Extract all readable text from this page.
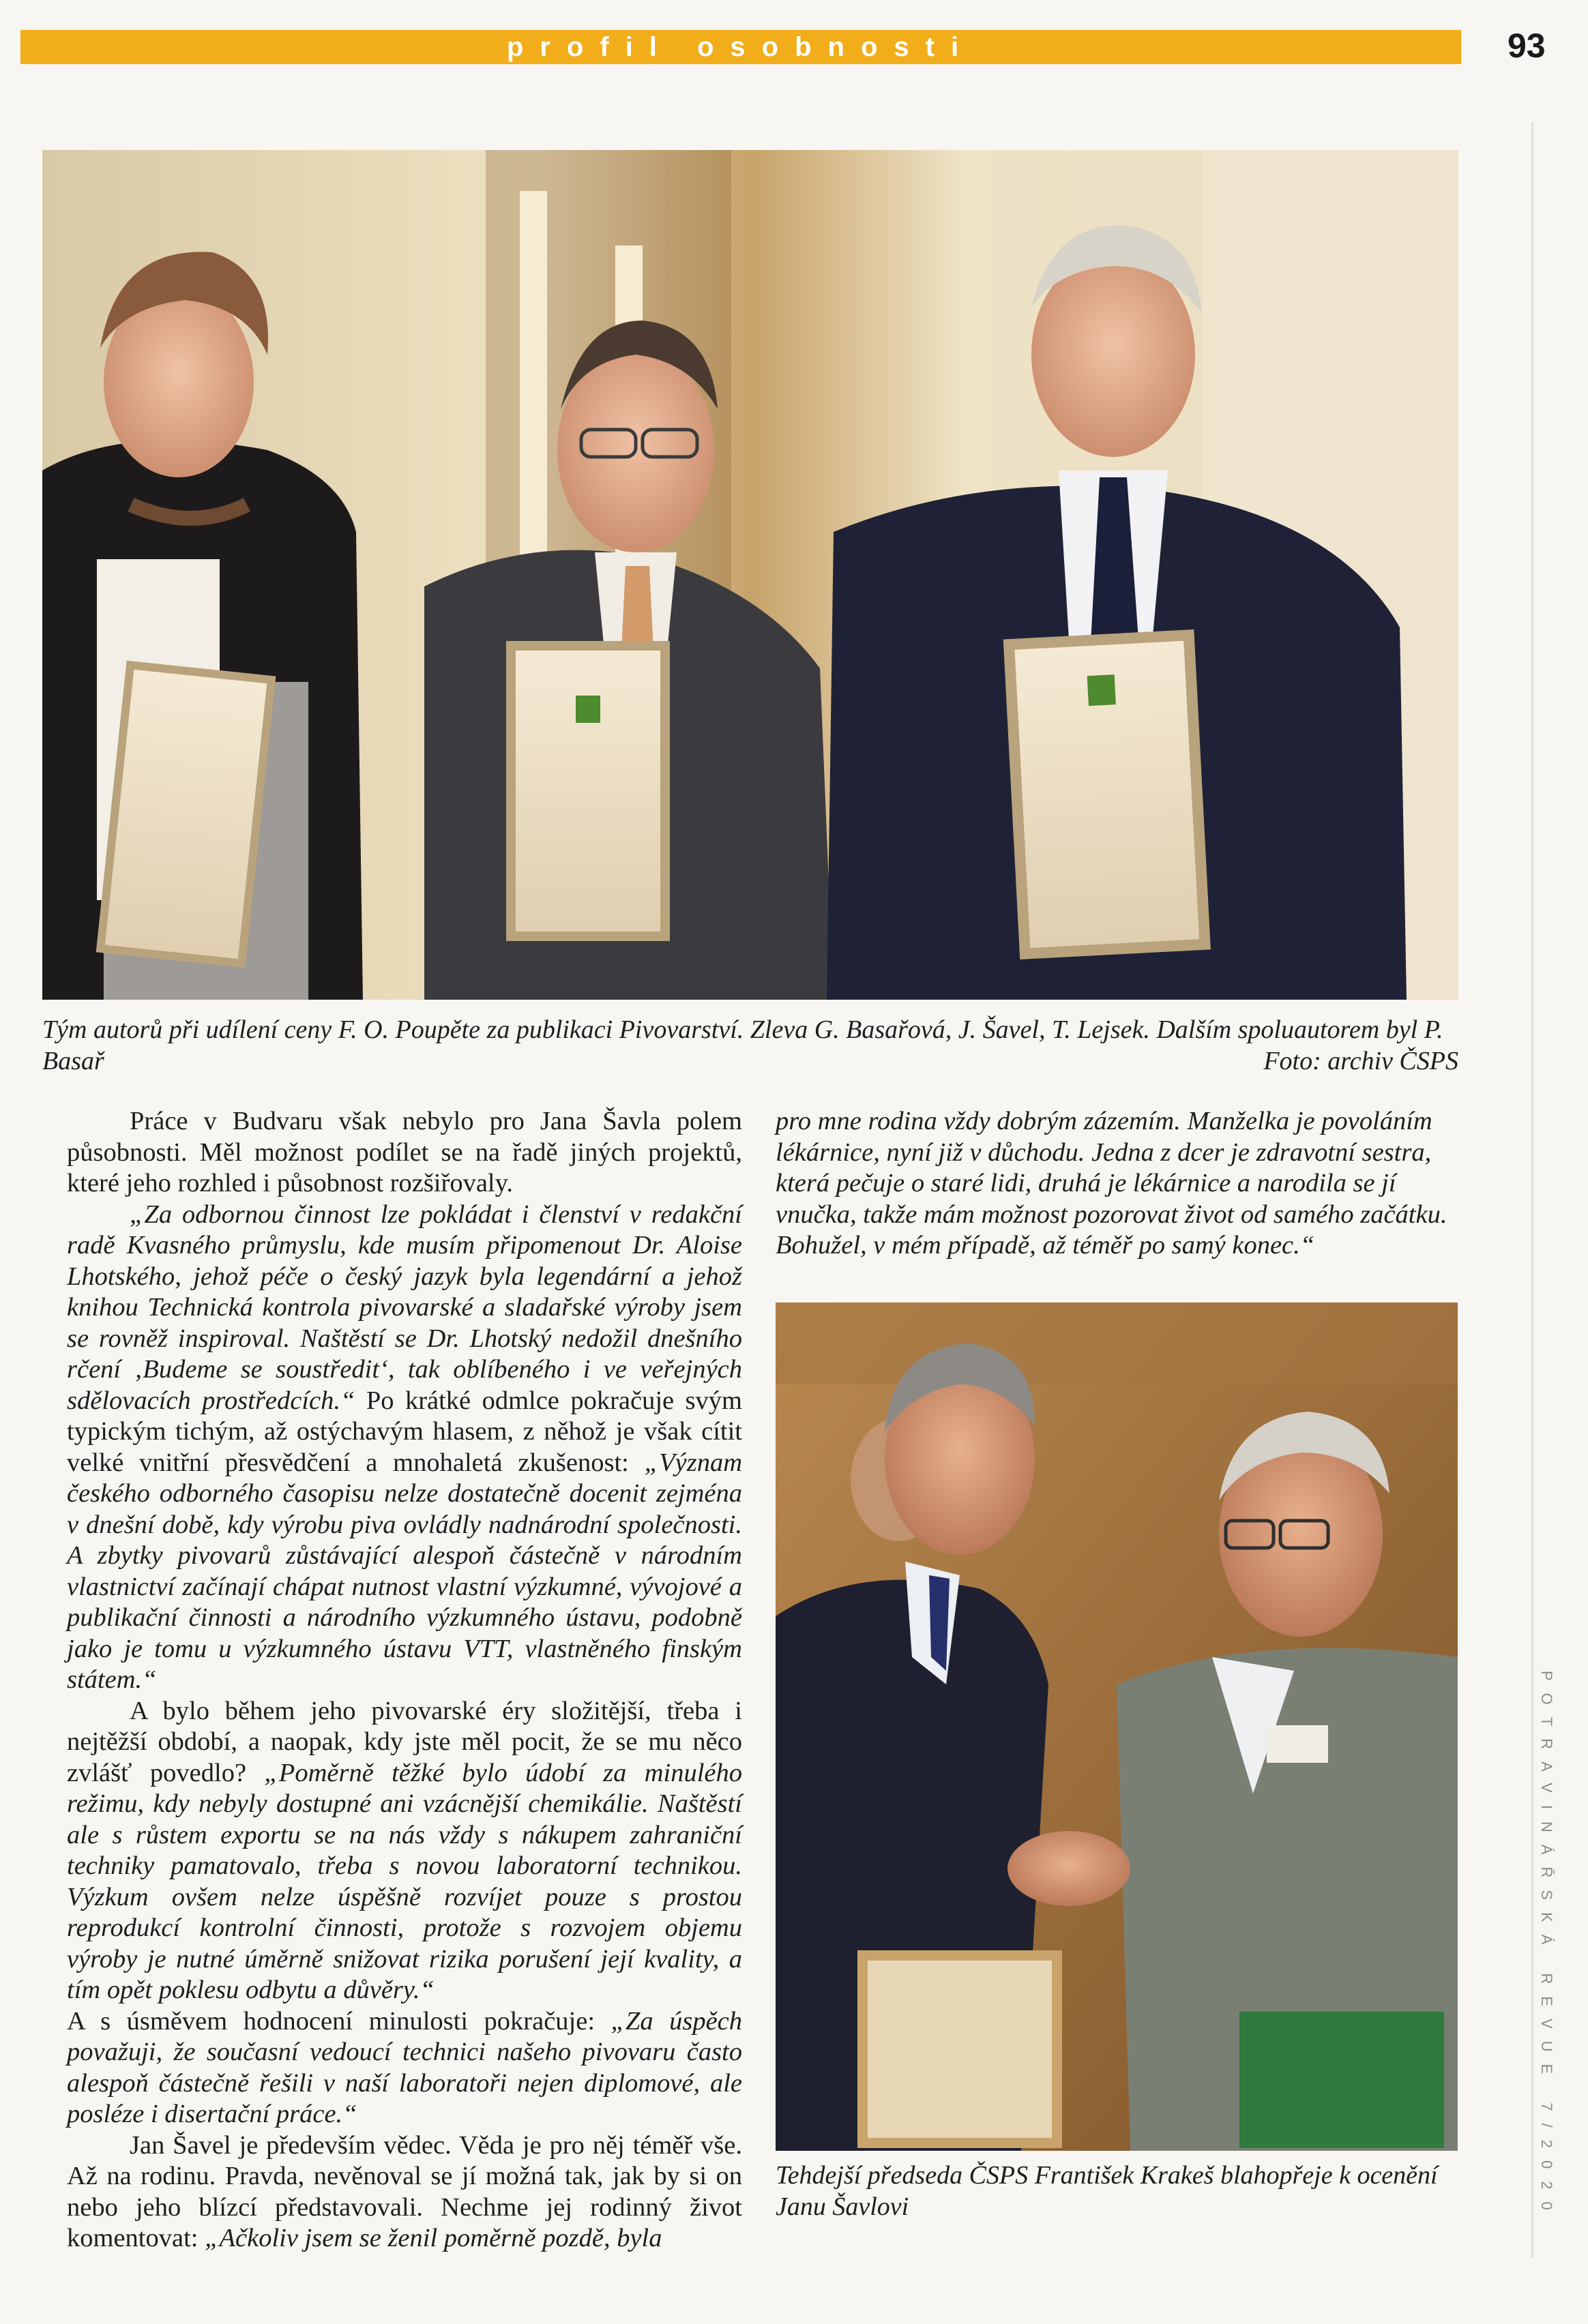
profil osobnosti	93
POTRAVINÁŘSKÁ REVUE 7/2020
Tým autorů při udílení ceny F. O. Poupěte za publikaci Pivovarství. Zleva G. Basařová, J. Šavel, T. Lejsek. Dalším spoluautorem byl P. Basař	Foto: archiv ČSPS

Práce v Budvaru však nebylo pro Jana Šavla polem působnosti. Měl možnost podílet se na řadě jiných projektů, které jeho rozhled i působnost rozšiřovaly.

„Za odbornou činnost lze pokládat i členství v redakční radě Kvasného průmyslu, kde musím připomenout Dr. Aloise Lhotského, jehož péče o český jazyk byla legendární a jehož knihou Technická kontrola pivovarské a sladařské výroby jsem se rovněž inspiroval. Naštěstí se Dr. Lhotský nedožil dnešního rčení ‚Budeme se soustředit‘, tak oblíbeného i ve veřejných sdělovacích prostředcích.“ Po krátké odmlce pokračuje svým typickým tichým, až ostýchavým hlasem, z něhož je však cítit velké vnitřní přesvědčení a mnohaletá zkušenost: „Význam českého odborného časopisu nelze dostatečně docenit zejména v dnešní době, kdy výrobu piva ovládly nadnárodní společnosti. A zbytky pivovarů zůstávající alespoň částečně v národním vlastnictví začínají chápat nutnost vlastní výzkumné, vývojové a publikační činnosti a národního výzkumného ústavu, podobně jako je tomu u výzkumného ústavu VTT, vlastněného finským státem.“

A bylo během jeho pivovarské éry složitější, třeba i nejtěžší období, a naopak, kdy jste měl pocit, že se mu něco zvlášť povedlo? „Poměrně těžké bylo údobí za minulého režimu, kdy nebyly dostupné ani vzácnější chemikálie. Naštěstí ale s růstem exportu se na nás vždy s nákupem zahraniční techniky pamatovalo, třeba s novou laboratorní technikou. Výzkum ovšem nelze úspěšně rozvíjet pouze s prostou reprodukcí kontrolní činnosti, protože s rozvojem objemu výroby je nutné úměrně snižovat rizika porušení její kvality, a tím opět poklesu odbytu a důvěry.“

A s úsměvem hodnocení minulosti pokračuje: „Za úspěch považuji, že současní vedoucí technici našeho pivovaru často alespoň částečně řešili v naší laboratoři nejen diplomové, ale posléze i disertační práce.“

Jan Šavel je především vědec. Věda je pro něj téměř vše. Až na rodinu. Pravda, nevěnoval se jí možná tak, jak by si on nebo jeho blízcí představovali. Nechme jej rodinný život komentovat: „Ačkoliv jsem se ženil poměrně pozdě, byla

pro mne rodina vždy dobrým zázemím. Manželka je povoláním lékárnice, nyní již v důchodu. Jedna z dcer je zdravotní sestra, která pečuje o staré lidi, druhá je lékárnice a narodila se jí vnučka, takže mám možnost pozorovat život od samého začátku. Bohužel, v mém případě, až téměř po samý konec.“

Tehdejší předseda ČSPS František Krakeš blahopřeje k ocenění Janu Šavlovi
